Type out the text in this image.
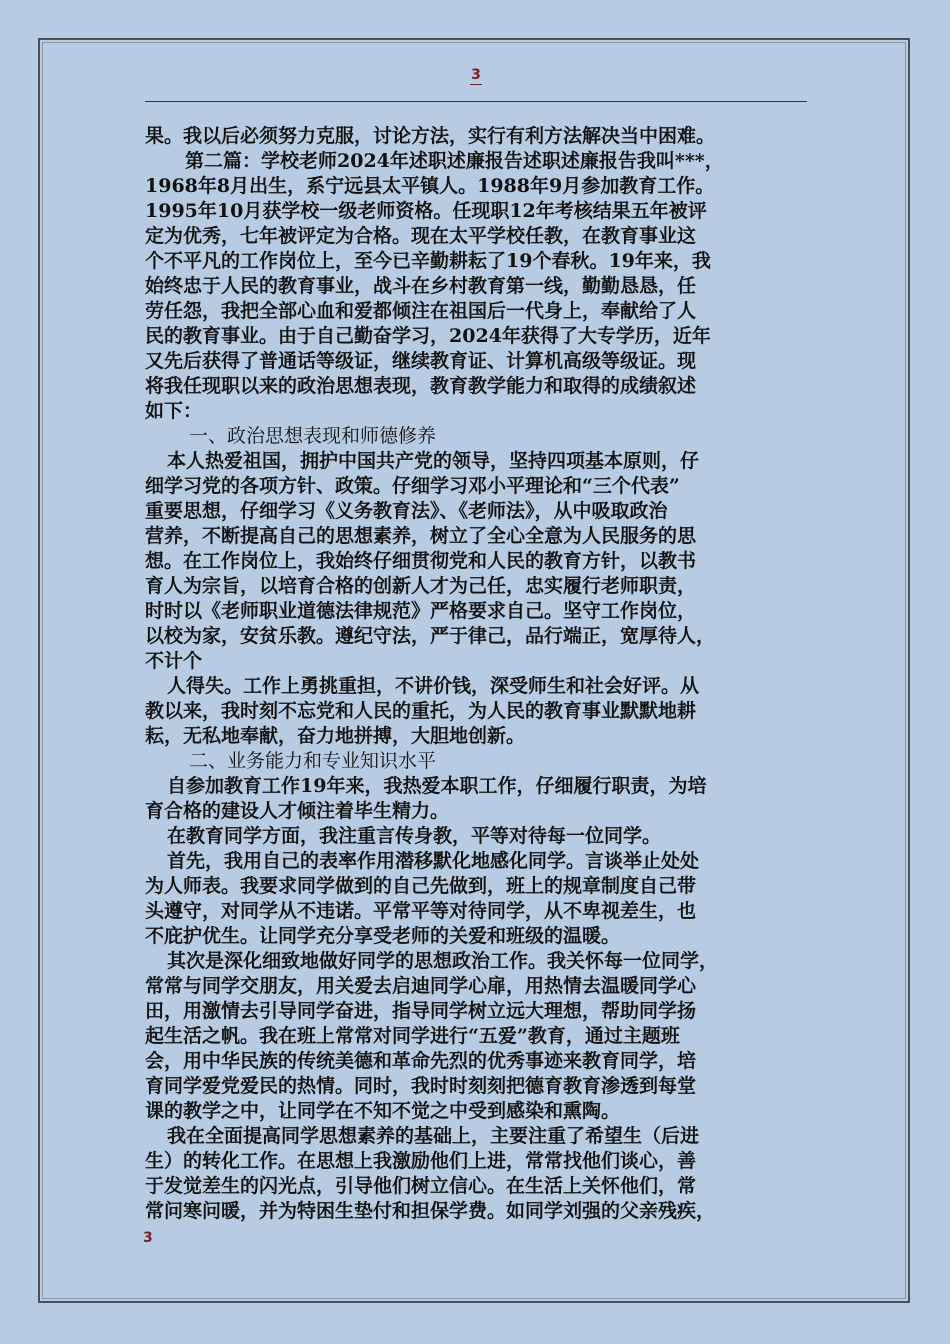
3

果。我以后必须努力克服，讨论方法，实行有利方法解决当中困难。

第二篇：学校老师2024年述职述廉报告述职述廉报告我叫***，

1968年8月出生，系宁远县太平镇人。1988年9月参加教育工作。

1995年10月获学校一级老师资格。任现职12年考核结果五年被评

定为优秀，七年被评定为合格。现在太平学校任教，在教育事业这

个不平凡的工作岗位上，至今已辛勤耕耘了19个春秋。19年来，我

始终忠于人民的教育事业，战斗在乡村教育第一线，勤勤恳恳，任

劳任怨，我把全部心血和爱都倾注在祖国后一代身上，奉献给了人

民的教育事业。由于自己勤奋学习，2024年获得了大专学历，近年

又先后获得了普通话等级证，继续教育证、计算机高级等级证。现

将我任现职以来的政治思想表现，教育教学能力和取得的成绩叙述

如下：

一、政治思想表现和师德修养

本人热爱祖国，拥护中国共产党的领导，坚持四项基本原则，仔

细学习党的各项方针、政策。仔细学习邓小平理论和“三个代表”

重要思想，仔细学习《义务教育法》、《老师法》，从中吸取政治

营养，不断提高自己的思想素养，树立了全心全意为人民服务的思

想。在工作岗位上，我始终仔细贯彻党和人民的教育方针，以教书

育人为宗旨，以培育合格的创新人才为己任，忠实履行老师职责，

时时以《老师职业道德法律规范》严格要求自己。坚守工作岗位，

以校为家，安贫乐教。遵纪守法，严于律己，品行端正，宽厚待人，

不计个

人得失。工作上勇挑重担，不讲价钱，深受师生和社会好评。从

教以来，我时刻不忘党和人民的重托，为人民的教育事业默默地耕

耘，无私地奉献，奋力地拼搏，大胆地创新。

二、业务能力和专业知识水平

自参加教育工作19年来，我热爱本职工作，仔细履行职责，为培

育合格的建设人才倾注着毕生精力。

在教育同学方面，我注重言传身教，平等对待每一位同学。

首先，我用自己的表率作用潜移默化地感化同学。言谈举止处处

为人师表。我要求同学做到的自己先做到，班上的规章制度自己带

头遵守，对同学从不违诺。平常平等对待同学，从不卑视差生，也

不庇护优生。让同学充分享受老师的关爱和班级的温暖。

其次是深化细致地做好同学的思想政治工作。我关怀每一位同学，

常常与同学交朋友，用关爱去启迪同学心扉，用热情去温暖同学心

田，用激情去引导同学奋进，指导同学树立远大理想，帮助同学扬

起生活之帆。我在班上常常对同学进行“五爱”教育，通过主题班

会，用中华民族的传统美德和革命先烈的优秀事迹来教育同学，培

育同学爱党爱民的热情。同时，我时时刻刻把德育教育渗透到每堂

课的教学之中，让同学在不知不觉之中受到感染和熏陶。

我在全面提高同学思想素养的基础上，主要注重了希望生（后进

生）的转化工作。在思想上我激励他们上进，常常找他们谈心，善

于发觉差生的闪光点，引导他们树立信心。在生活上关怀他们，常

常问寒问暖，并为特困生垫付和担保学费。如同学刘强的父亲残疾，

3
